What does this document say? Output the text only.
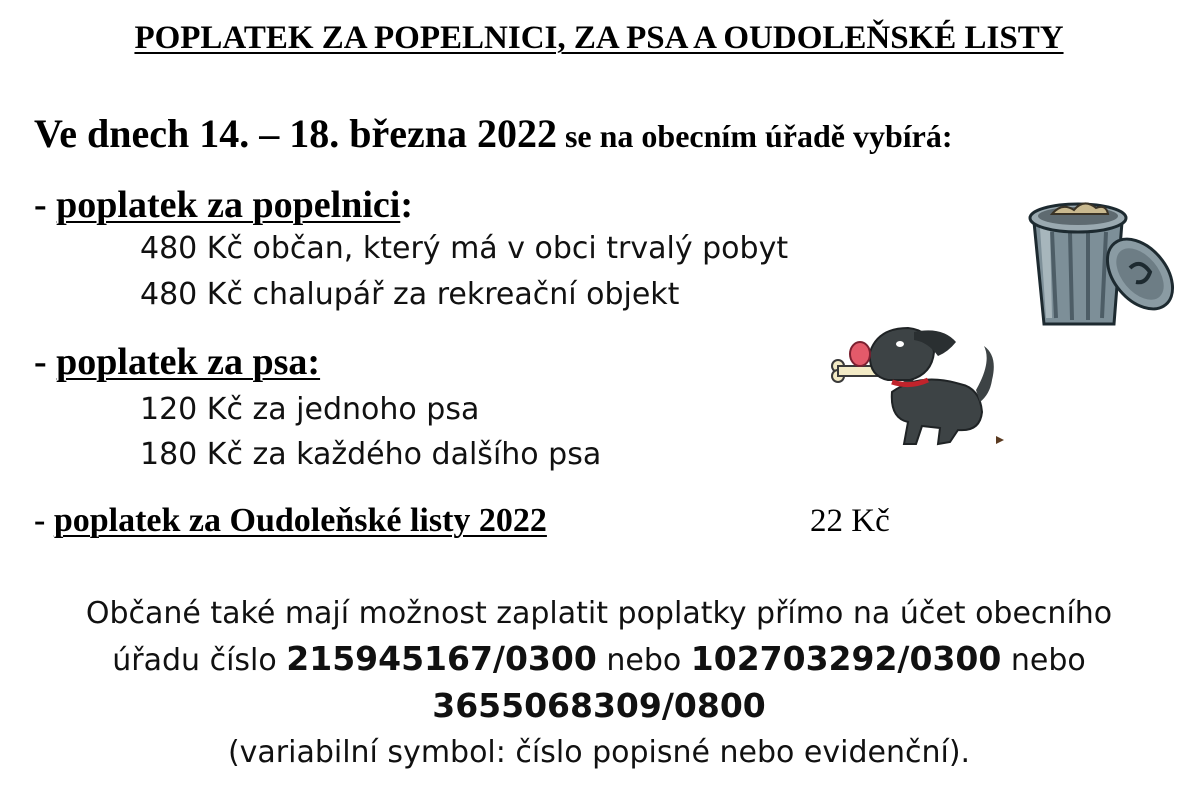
POPLATEK ZA POPELNICI, ZA PSA A OUDOLEŇSKÉ LISTY
Ve dnech 14. – 18. března 2022 se na obecním úřadě vybírá:
- poplatek za popelnici:
480 Kč občan, který má v obci trvalý pobyt
480 Kč chalupář za rekreační objekt
- poplatek za psa:
120 Kč za jednoho psa
180 Kč za každého dalšího psa
- poplatek za Oudoleňské listy 2022	22 Kč
Občané také mají možnost zaplatit poplatky přímo na účet obecního
úřadu číslo 215945167/0300 nebo 102703292/0300 nebo
3655068309/0800
(variabilní symbol: číslo popisné nebo evidenční).
